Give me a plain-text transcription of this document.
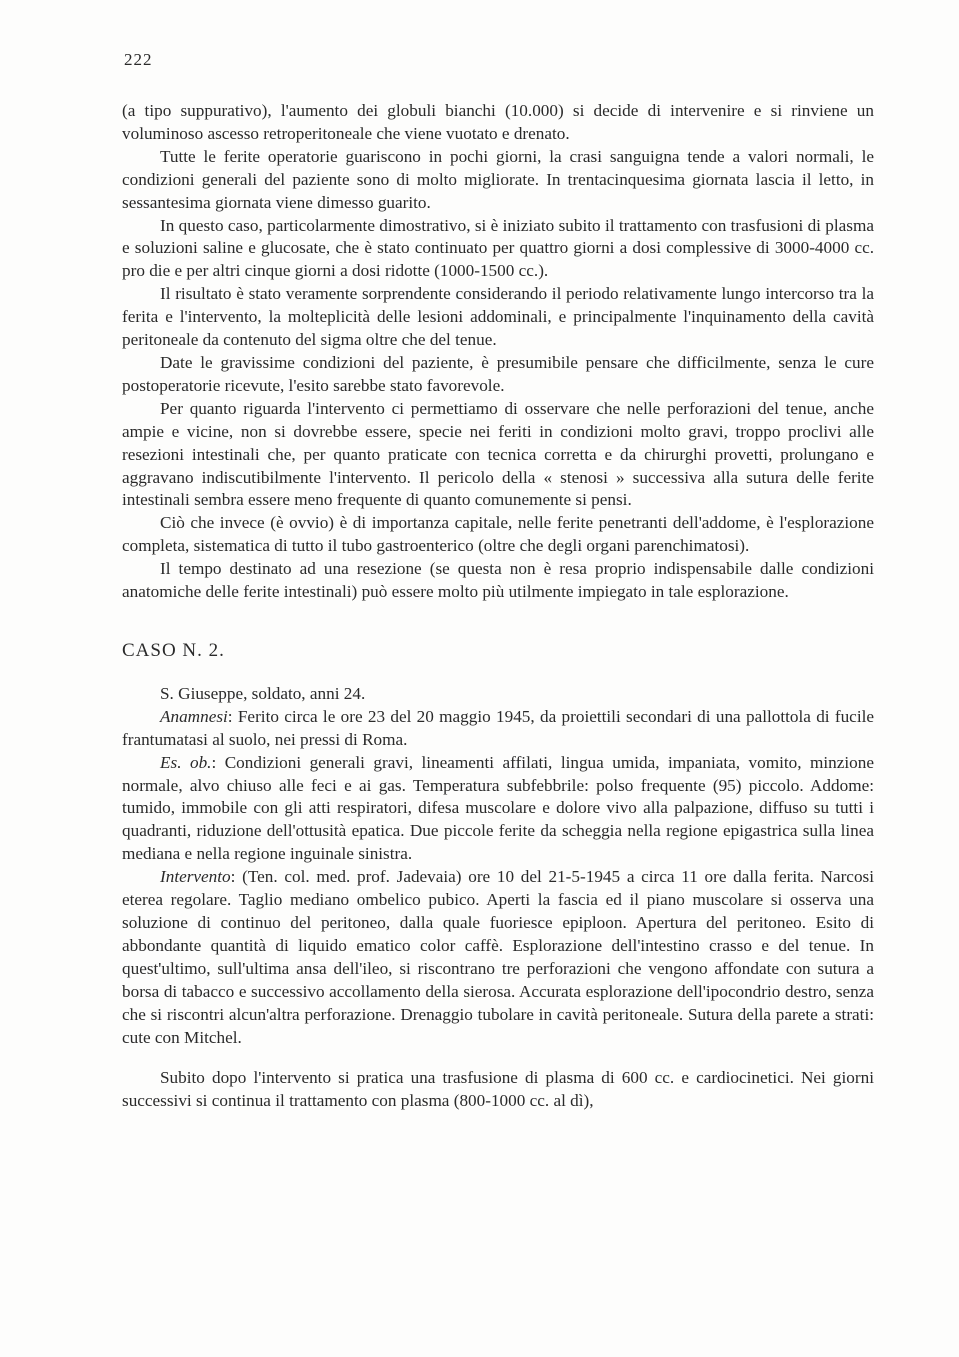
222

(a tipo suppurativo), l'aumento dei globuli bianchi (10.000) si decide di intervenire e si rinviene un voluminoso ascesso retroperitoneale che viene vuotato e drenato.

Tutte le ferite operatorie guariscono in pochi giorni, la crasi sanguigna tende a valori normali, le condizioni generali del paziente sono di molto migliorate. In trentacinquesima giornata lascia il letto, in sessantesima giornata viene dimesso guarito.

In questo caso, particolarmente dimostrativo, si è iniziato subito il trattamento con trasfusioni di plasma e soluzioni saline e glucosate, che è stato continuato per quattro giorni a dosi complessive di 3000-4000 cc. pro die e per altri cinque giorni a dosi ridotte (1000-1500 cc.).

Il risultato è stato veramente sorprendente considerando il periodo relativamente lungo intercorso tra la ferita e l'intervento, la molteplicità delle lesioni addominali, e principalmente l'inquinamento della cavità peritoneale da contenuto del sigma oltre che del tenue.

Date le gravissime condizioni del paziente, è presumibile pensare che difficilmente, senza le cure postoperatorie ricevute, l'esito sarebbe stato favorevole.

Per quanto riguarda l'intervento ci permettiamo di osservare che nelle perforazioni del tenue, anche ampie e vicine, non si dovrebbe essere, specie nei feriti in condizioni molto gravi, troppo proclivi alle resezioni intestinali che, per quanto praticate con tecnica corretta e da chirurghi provetti, prolungano e aggravano indiscutibilmente l'intervento. Il pericolo della « stenosi » successiva alla sutura delle ferite intestinali sembra essere meno frequente di quanto comunemente si pensi.

Ciò che invece (è ovvio) è di importanza capitale, nelle ferite penetranti dell'addome, è l'esplorazione completa, sistematica di tutto il tubo gastroenterico (oltre che degli organi parenchimatosi).

Il tempo destinato ad una resezione (se questa non è resa proprio indispensabile dalle condizioni anatomiche delle ferite intestinali) può essere molto più utilmente impiegato in tale esplorazione.

CASO N. 2.

S. Giuseppe, soldato, anni 24.

Anamnesi: Ferito circa le ore 23 del 20 maggio 1945, da proiettili secondari di una pallottola di fucile frantumatasi al suolo, nei pressi di Roma.

Es. ob.: Condizioni generali gravi, lineamenti affilati, lingua umida, impaniata, vomito, minzione normale, alvo chiuso alle feci e ai gas. Temperatura subfebbrile: polso frequente (95) piccolo. Addome: tumido, immobile con gli atti respiratori, difesa muscolare e dolore vivo alla palpazione, diffuso su tutti i quadranti, riduzione dell'ottusità epatica. Due piccole ferite da scheggia nella regione epigastrica sulla linea mediana e nella regione inguinale sinistra.

Intervento: (Ten. col. med. prof. Jadevaia) ore 10 del 21-5-1945 a circa 11 ore dalla ferita. Narcosi eterea regolare. Taglio mediano ombelico pubico. Aperti la fascia ed il piano muscolare si osserva una soluzione di continuo del peritoneo, dalla quale fuoriesce epiploon. Apertura del peritoneo. Esito di abbondante quantità di liquido ematico color caffè. Esplorazione dell'intestino crasso e del tenue. In quest'ultimo, sull'ultima ansa dell'ileo, si riscontrano tre perforazioni che vengono affondate con sutura a borsa di tabacco e successivo accollamento della sierosa. Accurata esplorazione dell'ipocondrio destro, senza che si riscontri alcun'altra perforazione. Drenaggio tubolare in cavità peritoneale. Sutura della parete a strati: cute con Mitchel.

Subito dopo l'intervento si pratica una trasfusione di plasma di 600 cc. e cardiocinetici. Nei giorni successivi si continua il trattamento con plasma (800-1000 cc. al dì),
